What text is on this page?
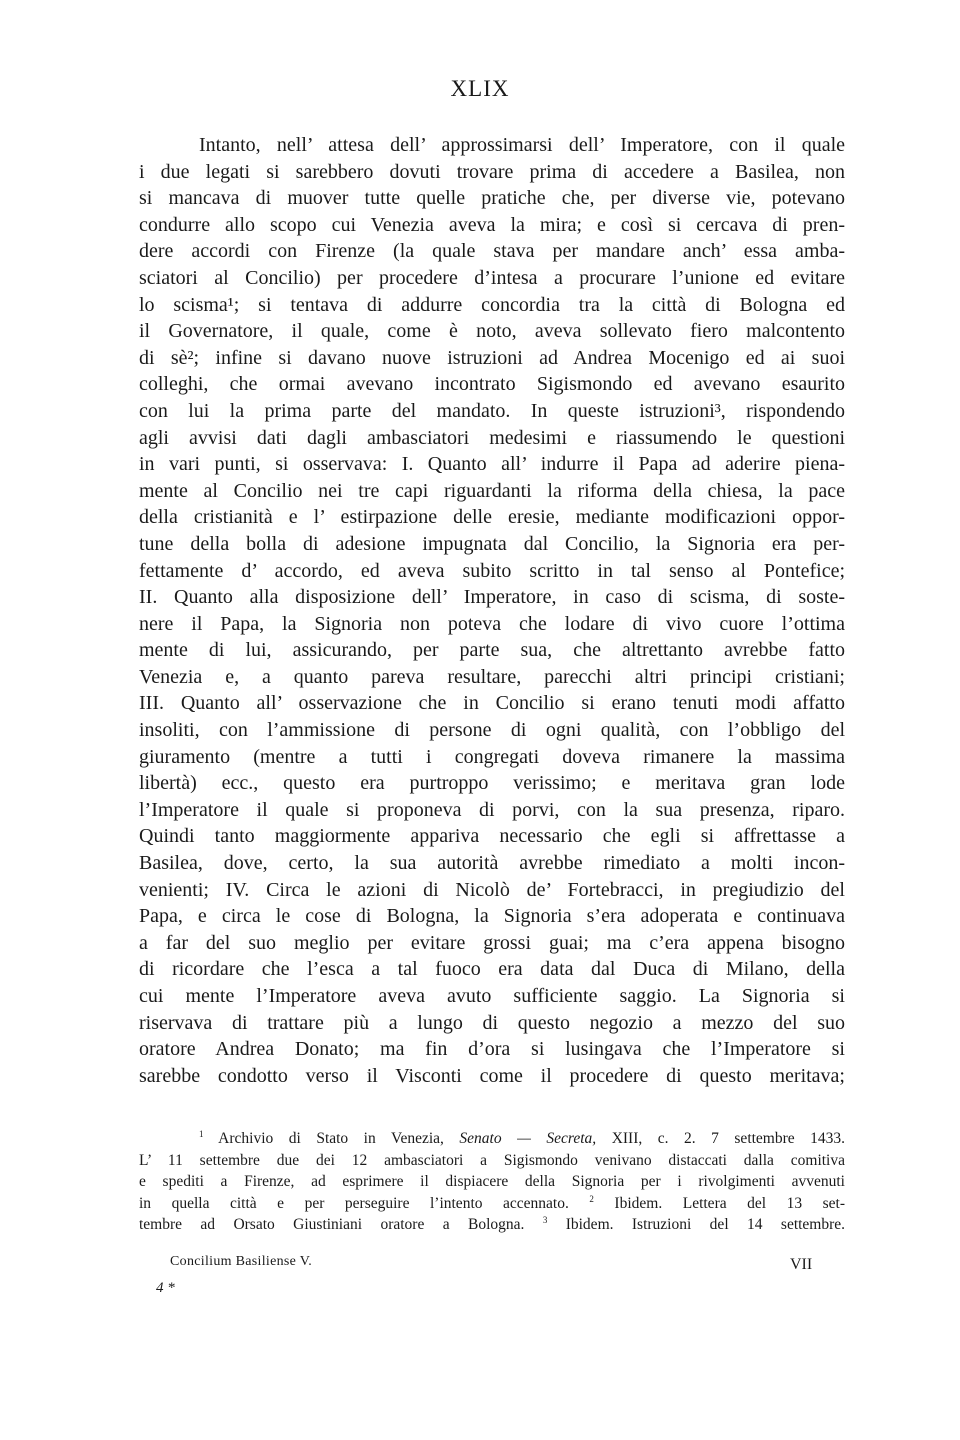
XLIX
Intanto, nell’ attesa dell’ approssimarsi dell’ Imperatore, con il quale
i due legati si sarebbero dovuti trovare prima di accedere a Basilea, non
si mancava di muover tutte quelle pratiche che, per diverse vie, potevano
condurre allo scopo cui Venezia aveva la mira; e così si cercava di pren-
dere accordi con Firenze (la quale stava per mandare anch’ essa amba-
sciatori al Concilio) per procedere d’intesa a procurare l’unione ed evitare
lo scisma¹; si tentava di addurre concordia tra la città di Bologna ed
il Governatore, il quale, come è noto, aveva sollevato fiero malcontento
di sè²; infine si davano nuove istruzioni ad Andrea Mocenigo ed ai suoi
colleghi, che ormai avevano incontrato Sigismondo ed avevano esaurito
con lui la prima parte del mandato. In queste istruzioni³, rispondendo
agli avvisi dati dagli ambasciatori medesimi e riassumendo le questioni
in vari punti, si osservava: I. Quanto all’ indurre il Papa ad aderire piena-
mente al Concilio nei tre capi riguardanti la riforma della chiesa, la pace
della cristianità e l’ estirpazione delle eresie, mediante modificazioni oppor-
tune della bolla di adesione impugnata dal Concilio, la Signoria era per-
fettamente d’ accordo, ed aveva subito scritto in tal senso al Pontefice;
II. Quanto alla disposizione dell’ Imperatore, in caso di scisma, di soste-
nere il Papa, la Signoria non poteva che lodare di vivo cuore l’ottima
mente di lui, assicurando, per parte sua, che altrettanto avrebbe fatto
Venezia e, a quanto pareva resultare, parecchi altri principi cristiani;
III. Quanto all’ osservazione che in Concilio si erano tenuti modi affatto
insoliti, con l’ammissione di persone di ogni qualità, con l’obbligo del
giuramento (mentre a tutti i congregati doveva rimanere la massima
libertà) ecc., questo era purtroppo verissimo; e meritava gran lode
l’Imperatore il quale si proponeva di porvi, con la sua presenza, riparo.
Quindi tanto maggiormente appariva necessario che egli si affrettasse a
Basilea, dove, certo, la sua autorità avrebbe rimediato a molti incon-
venienti; IV. Circa le azioni di Nicolò de’ Fortebracci, in pregiudizio del
Papa, e circa le cose di Bologna, la Signoria s’era adoperata e continuava
a far del suo meglio per evitare grossi guai; ma c’era appena bisogno
di ricordare che l’esca a tal fuoco era data dal Duca di Milano, della
cui mente l’Imperatore aveva avuto sufficiente saggio. La Signoria si
riservava di trattare più a lungo di questo negozio a mezzo del suo
oratore Andrea Donato; ma fin d’ora si lusingava che l’Imperatore si
sarebbe condotto verso il Visconti come il procedere di questo meritava;
$^1$ Archivio di Stato in Venezia, Senato — Secreta, XIII, c. 2. 7 settembre 1433.
L’ 11 settembre due dei 12 ambasciatori a Sigismondo venivano distaccati dalla comitiva
e spediti a Firenze, ad esprimere il dispiacere della Signoria per i rivolgimenti avvenuti
in quella città e per perseguire l’intento accennato. $^2$ Ibidem. Lettera del 13 set-
tembre ad Orsato Giustiniani oratore a Bologna. $^3$ Ibidem. Istruzioni del 14 settembre.
Concilium Basiliense V.	VII
4 *
